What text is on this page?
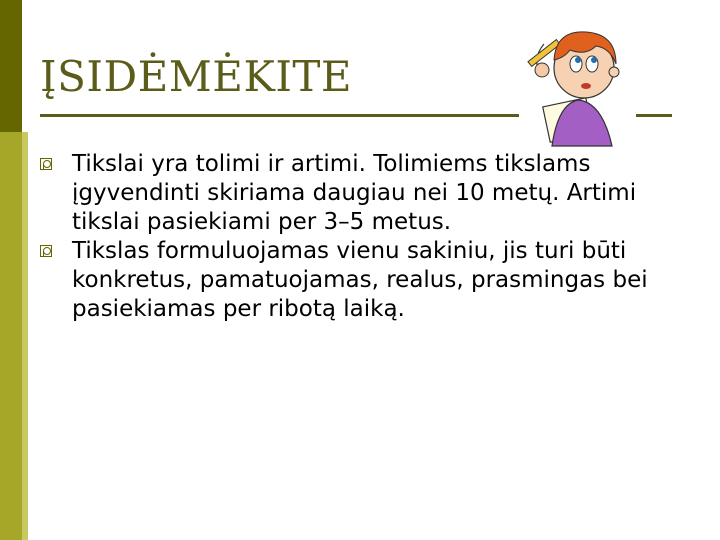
ĮSIDĖMĖKITE
Tikslai yra tolimi ir artimi. Tolimiems tikslams įgyvendinti skiriama daugiau nei 10 metų. Artimi tikslai pasiekiami per 3–5 metus.
Tikslas formuluojamas vienu sakiniu, jis turi būti konkretus, pamatuojamas, realus, prasmingas bei pasiekiamas per ribotą laiką.
